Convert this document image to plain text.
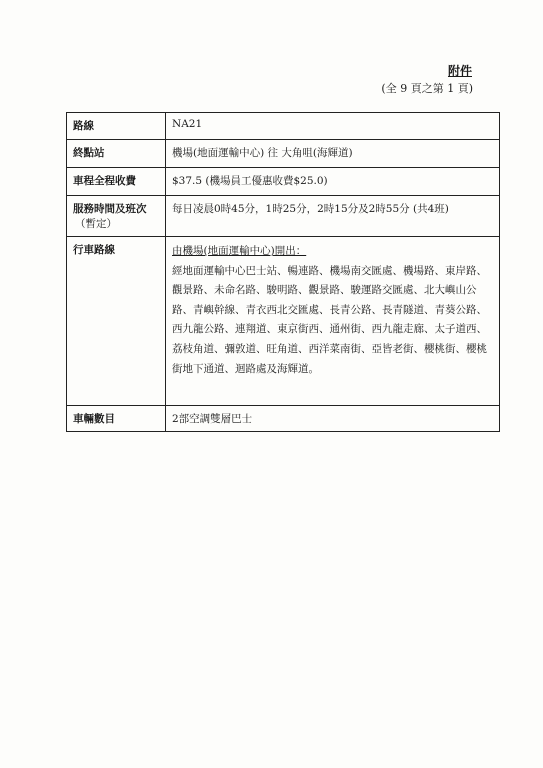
附件
(全 9 頁之第 1 頁)
路線	NA21
終點站	機場(地面運輸中心) 往 大角咀(海輝道)
車程全程收費	$37.5 (機場員工優惠收費$25.0)
服務時間及班次
（暫定）	每日凌晨0時45分，1時25分，2時15分及2時55分 (共4班)
行車路線	由機場(地面運輸中心)開出：
經地面運輸中心巴士站、暢連路、機場南交匯處、機場路、東岸路、觀景路、未命名路、駿明路、觀景路、駿運路交匯處、北大嶼山公路、青嶼幹線、青衣西北交匯處、長青公路、長青隧道、青葵公路、西九龍公路、連翔道、東京街西、通州街、西九龍走廊、太子道西、荔枝角道、彌敦道、旺角道、西洋菜南街、亞皆老街、櫻桃街、櫻桃街地下通道、迴路處及海輝道。
車輛數目	2部空調雙層巴士
